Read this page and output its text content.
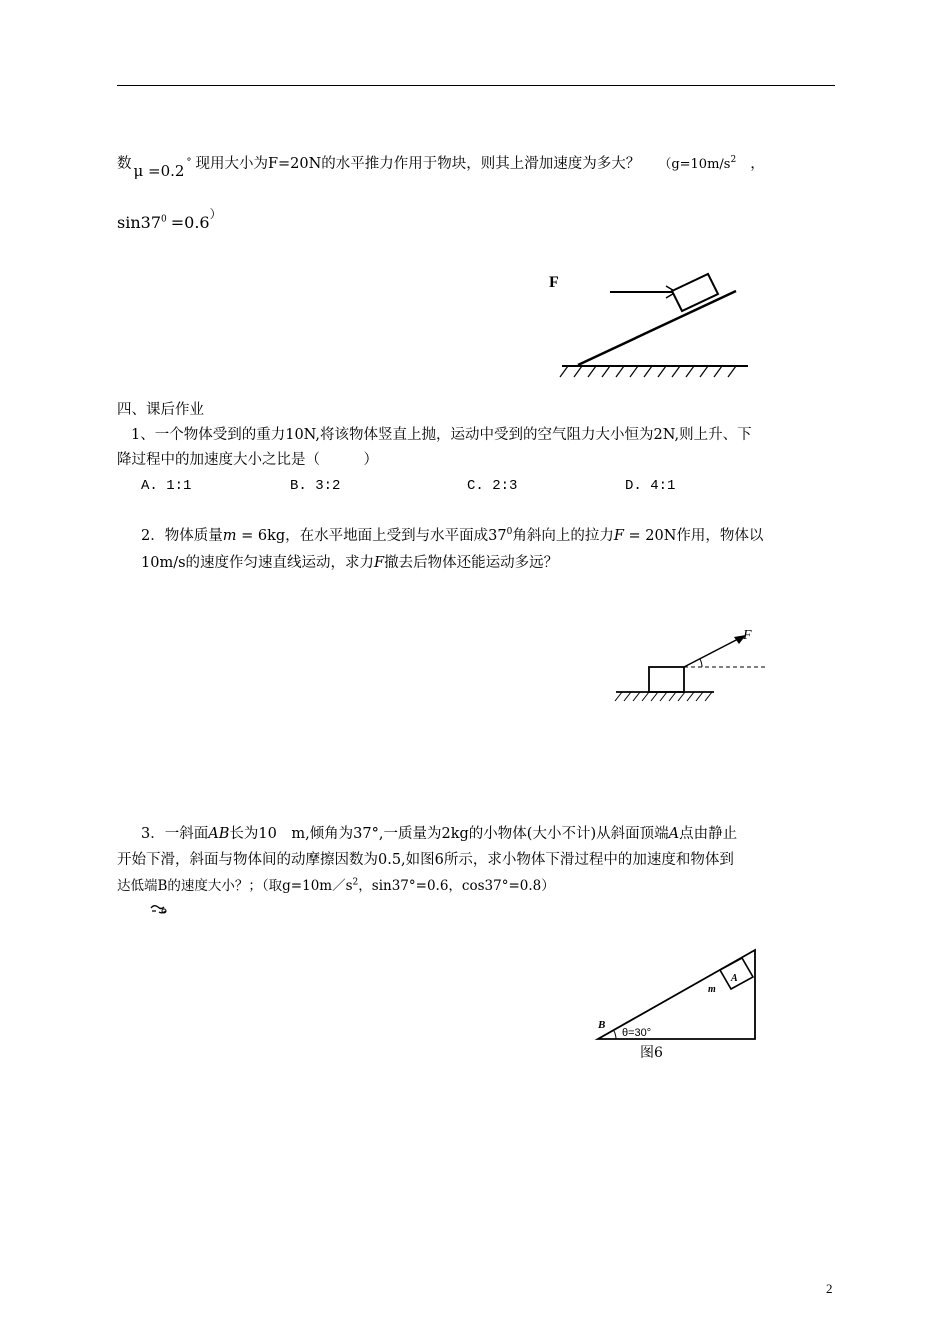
数 μ =0.2 ° 现用大小为F=20N的水平推力作用于物块，则其上滑加速度为多大？ （$g=10m/s^2$ ，
$\sin 37^0 =0.6^)$
F
四、课后作业
1、一个物体受到的重力10N,将该物体竖直上抛，运动中受到的空气阻力大小恒为2N,则上升、下
降过程中的加速度大小之比是（　　　）
A. 1:1	B. 3:2	C. 2:3	D. 4:1
2．物体质量m = 6kg，在水平地面上受到与水平面成$37^0$角斜向上的拉力F = 20N作用，物体以
10m/s的速度作匀速直线运动，求力F撤去后物体还能运动多远？
F
3．一斜面AB长为10　m,倾角为37°,一质量为2kg的小物体(大小不计)从斜面顶端A点由静止
开始下滑，斜面与物体间的动摩擦因数为0.5,如图6所示，求小物体下滑过程中的加速度和物体到
达低端B的速度大小？；（取$g=10m/s^2$，sin37°=0.6，cos37°=0.8）
A
m
B
θ=30°
图6
2
